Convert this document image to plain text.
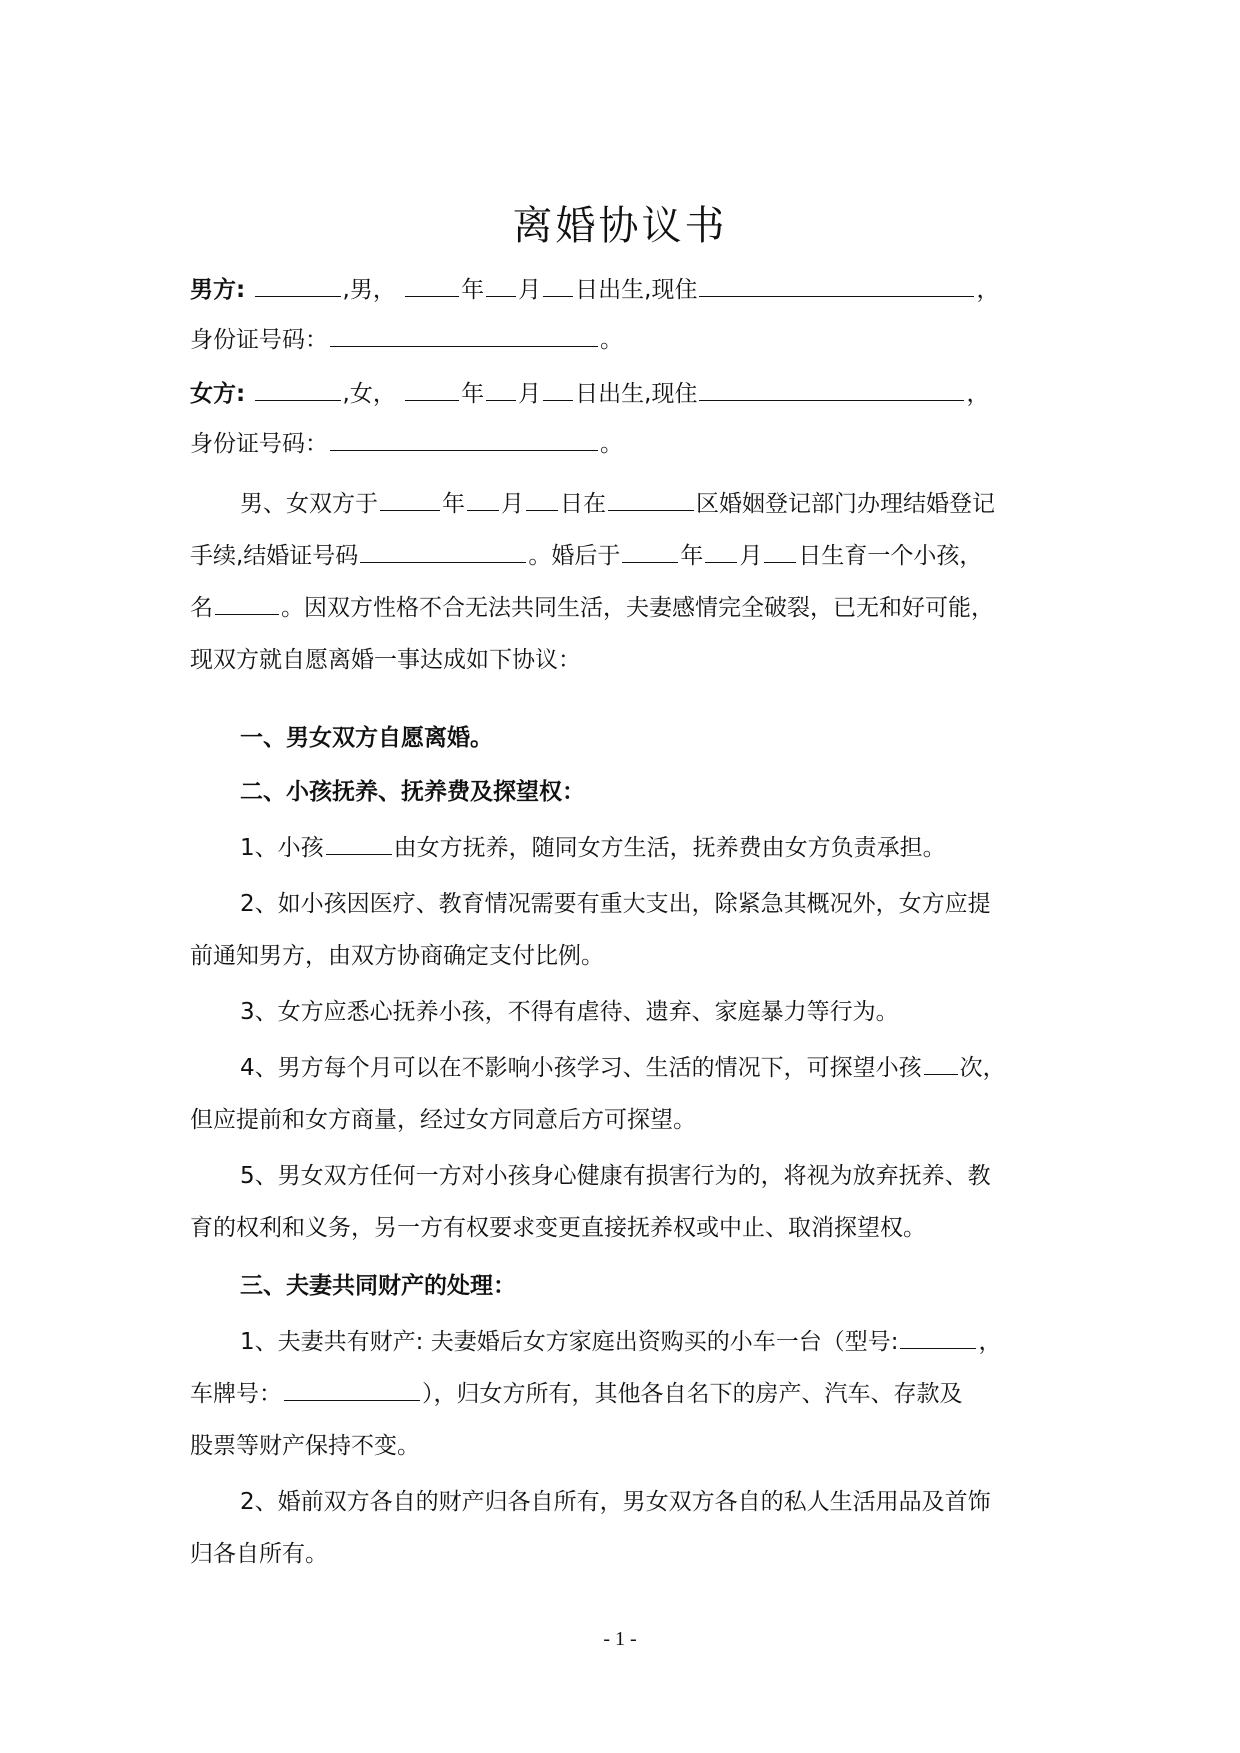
离婚协议书
男方:	,男，	年 月 日出生,现住	，
身份证号码：	。
女方:	,女，	年 月 日出生,现住	，
身份证号码：	。
男、女双方于	年 月 日在	区婚姻登记部门办理结婚登记
手续,结婚证号码	。婚后于	年 月 日生育一个小孩，
名	。因双方性格不合无法共同生活，夫妻感情完全破裂，已无和好可能，
现双方就自愿离婚一事达成如下协议：
一、男女双方自愿离婚。
二、小孩抚养、抚养费及探望权：
1、小孩	由女方抚养，随同女方生活，抚养费由女方负责承担。
2、如小孩因医疗、教育情况需要有重大支出，除紧急其概况外，女方应提
前通知男方，由双方协商确定支付比例。
3、女方应悉心抚养小孩，不得有虐待、遗弃、家庭暴力等行为。
4、男方每个月可以在不影响小孩学习、生活的情况下，可探望小孩 次，
但应提前和女方商量，经过女方同意后方可探望。
5、男女双方任何一方对小孩身心健康有损害行为的，将视为放弃抚养、教
育的权利和义务，另一方有权要求变更直接抚养权或中止、取消探望权。
三、夫妻共同财产的处理：
1、夫妻共有财产: 夫妻婚后女方家庭出资购买的小车一台（型号:	，
车牌号：	），归女方所有，其他各自名下的房产、汽车、存款及
股票等财产保持不变。
2、婚前双方各自的财产归各自所有，男女双方各自的私人生活用品及首饰
归各自所有。
- 1 -
